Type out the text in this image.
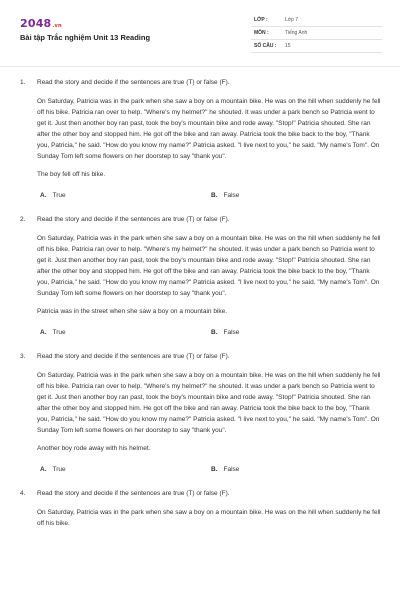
2048.vn
Bài tập Trắc nghiệm Unit 13 Reading
LỚP :	Lớp 7
MÔN :	Tiếng Anh
SỐ CÂU : 15
1. Read the story and decide if the sentences are true (T) or false (F).

On Saturday, Patricia was in the park when she saw a boy on a mountain bike. He was on the hill when suddenly he fell off his bike. Patricia ran over to help. "Where's my helmet?" he shouted. It was under a park bench so Patricia went to get it. Just then another boy ran past, took the boy's mountain bike and rode away. "Stop!" Patricia shouted. She ran after the other boy and stopped him. He got off the bike and ran away. Patricia took the bike back to the boy, "Thank you, Patricia," he said. "How do you know my name?" Patricia asked. "I live next to you," he said. "My name's Tom". On Sunday Tom left some flowers on her doorstep to say "thank you".

The boy fell off his bike.

A. True	B. False
2. Read the story and decide if the sentences are true (T) or false (F).

On Saturday, Patricia was in the park when she saw a boy on a mountain bike. He was on the hill when suddenly he fell off his bike. Patricia ran over to help. "Where's my helmet?" he shouted. It was under a park bench so Patricia went to get it. Just then another boy ran past, took the boy's mountain bike and rode away. "Stop!" Patricia shouted. She ran after the other boy and stopped him. He got off the bike and ran away. Patricia took the bike back to the boy, "Thank you, Patricia," he said. "How do you know my name?" Patricia asked. "I live next to you," he said. "My name's Tom". On Sunday Tom left some flowers on her doorstep to say "thank you".

Patricia was in the street when she saw a boy on a mountain bike.

A. True	B. False
3. Read the story and decide if the sentences are true (T) or false (F).

On Saturday, Patricia was in the park when she saw a boy on a mountain bike. He was on the hill when suddenly he fell off his bike. Patricia ran over to help. "Where's my helmet?" he shouted. It was under a park bench so Patricia went to get it. Just then another boy ran past, took the boy's mountain bike and rode away. "Stop!" Patricia shouted. She ran after the other boy and stopped him. He got off the bike and ran away. Patricia took the bike back to the boy, "Thank you, Patricia," he said. "How do you know my name?" Patricia asked. "I live next to you," he said. "My name's Tom". On Sunday Tom left some flowers on her doorstep to say "thank you".

Another boy rode away with his helmet.

A. True	B. False
4. Read the story and decide if the sentences are true (T) or false (F).

On Saturday, Patricia was in the park when she saw a boy on a mountain bike. He was on the hill when suddenly he fell off his bike.
